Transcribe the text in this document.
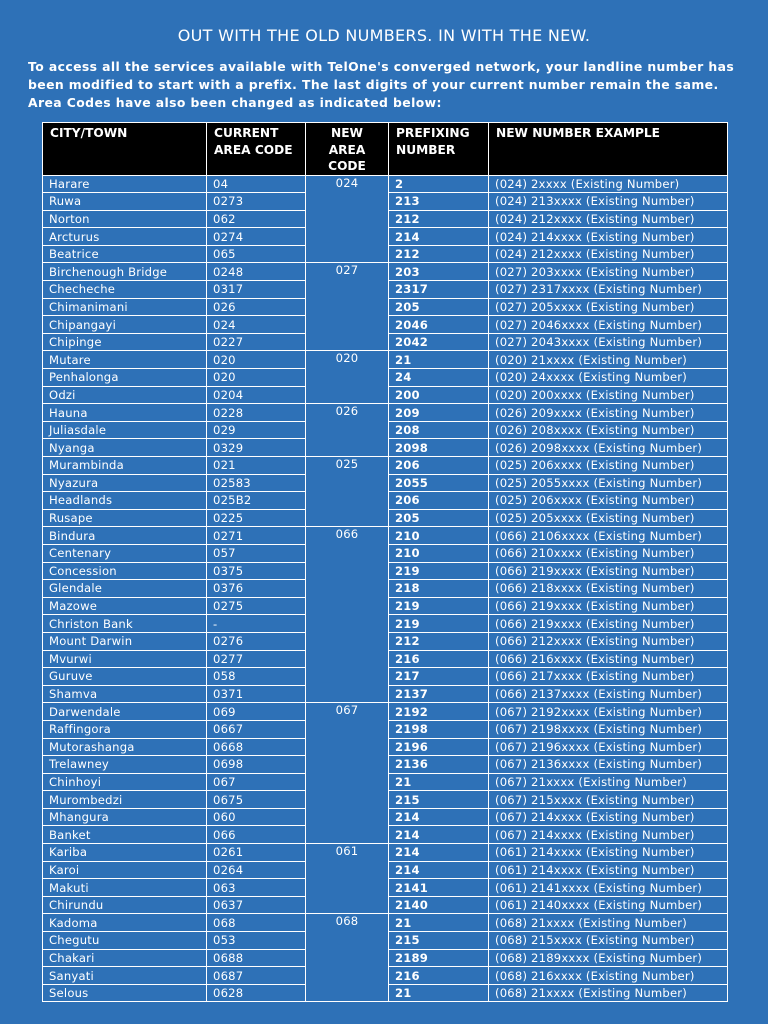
OUT WITH THE OLD NUMBERS. IN WITH THE NEW.
To access all the services available with TelOne's converged network, your landline number has been modified to start with a prefix. The last digits of your current number remain the same. Area Codes have also been changed as indicated below:
CITY/TOWN	CURRENT AREA CODE	NEW AREA CODE	PREFIXING NUMBER	NEW NUMBER EXAMPLE
Harare	04	024	2	(024) 2xxxx (Existing Number)
Ruwa	0273		213	(024) 213xxxx (Existing Number)
Norton	062		212	(024) 212xxxx (Existing Number)
Arcturus	0274		214	(024) 214xxxx (Existing Number)
Beatrice	065		212	(024) 212xxxx (Existing Number)
Birchenough Bridge	0248	027	203	(027) 203xxxx (Existing Number)
Checheche	0317		2317	(027) 2317xxxx (Existing Number)
Chimanimani	026		205	(027) 205xxxx (Existing Number)
Chipangayi	024		2046	(027) 2046xxxx (Existing Number)
Chipinge	0227		2042	(027) 2043xxxx (Existing Number)
Mutare	020	020	21	(020) 21xxxx (Existing Number)
Penhalonga	020		24	(020) 24xxxx (Existing Number)
Odzi	0204		200	(020) 200xxxx (Existing Number)
Hauna	0228	026	209	(026) 209xxxx (Existing Number)
Juliasdale	029		208	(026) 208xxxx (Existing Number)
Nyanga	0329		2098	(026) 2098xxxx (Existing Number)
Murambinda	021	025	206	(025) 206xxxx (Existing Number)
Nyazura	02583		2055	(025) 2055xxxx (Existing Number)
Headlands	025B2		206	(025) 206xxxx (Existing Number)
Rusape	0225		205	(025) 205xxxx (Existing Number)
Bindura	0271	066	210	(066) 2106xxxx (Existing Number)
Centenary	057		210	(066) 210xxxx (Existing Number)
Concession	0375		219	(066) 219xxxx (Existing Number)
Glendale	0376		218	(066) 218xxxx (Existing Number)
Mazowe	0275		219	(066) 219xxxx (Existing Number)
Christon Bank	-		219	(066) 219xxxx (Existing Number)
Mount Darwin	0276		212	(066) 212xxxx (Existing Number)
Mvurwi	0277		216	(066) 216xxxx (Existing Number)
Guruve	058		217	(066) 217xxxx (Existing Number)
Shamva	0371		2137	(066) 2137xxxx (Existing Number)
Darwendale	069	067	2192	(067) 2192xxxx (Existing Number)
Raffingora	0667		2198	(067) 2198xxxx (Existing Number)
Mutorashanga	0668		2196	(067) 2196xxxx (Existing Number)
Trelawney	0698		2136	(067) 2136xxxx (Existing Number)
Chinhoyi	067		21	(067) 21xxxx (Existing Number)
Murombedzi	0675		215	(067) 215xxxx (Existing Number)
Mhangura	060		214	(067) 214xxxx (Existing Number)
Banket	066		214	(067) 214xxxx (Existing Number)
Kariba	0261	061	214	(061) 214xxxx (Existing Number)
Karoi	0264		214	(061) 214xxxx (Existing Number)
Makuti	063		2141	(061) 2141xxxx (Existing Number)
Chirundu	0637		2140	(061) 2140xxxx (Existing Number)
Kadoma	068	068	21	(068) 21xxxx (Existing Number)
Chegutu	053		215	(068) 215xxxx (Existing Number)
Chakari	0688		2189	(068) 2189xxxx (Existing Number)
Sanyati	0687		216	(068) 216xxxx (Existing Number)
Selous	0628		21	(068) 21xxxx (Existing Number)
